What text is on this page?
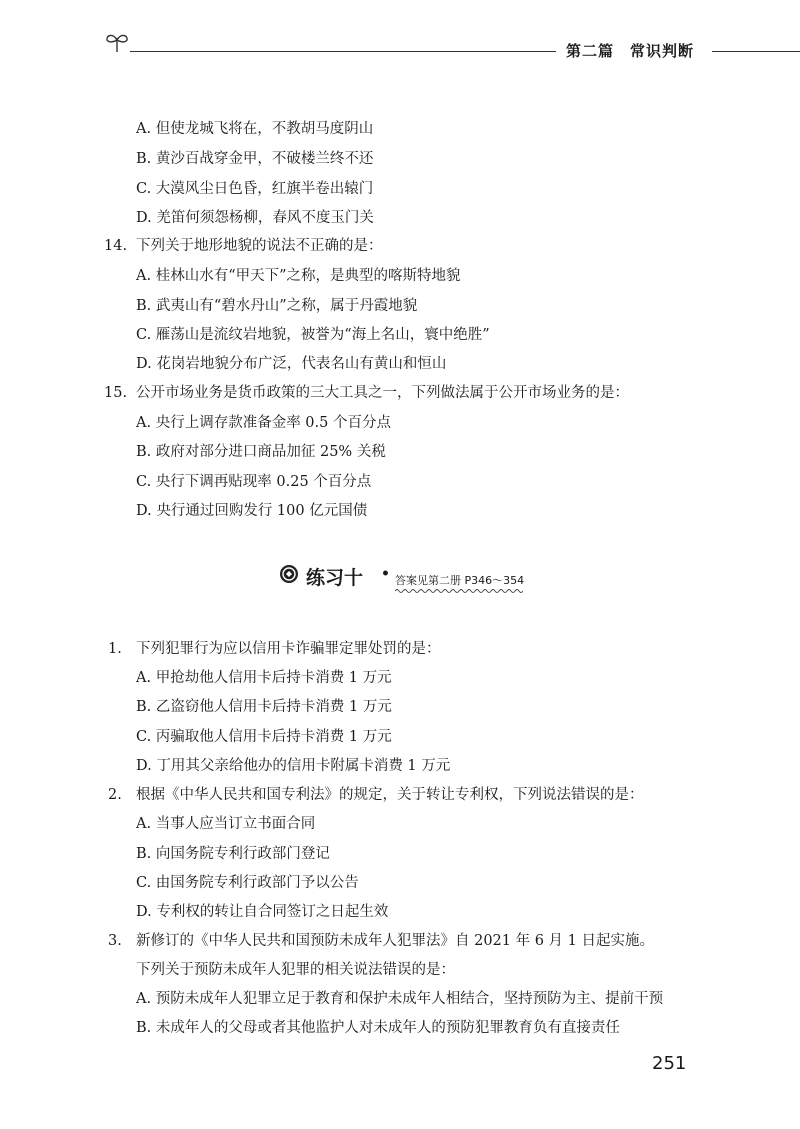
第二篇　常识判断
A. 但使龙城飞将在，不教胡马度阴山
B. 黄沙百战穿金甲，不破楼兰终不还
C. 大漠风尘日色昏，红旗半卷出辕门
D. 羌笛何须怨杨柳，春风不度玉门关
14. 下列关于地形地貌的说法不正确的是：
A. 桂林山水有“甲天下”之称，是典型的喀斯特地貌
B. 武夷山有“碧水丹山”之称，属于丹霞地貌
C. 雁荡山是流纹岩地貌，被誉为“海上名山，寰中绝胜”
D. 花岗岩地貌分布广泛，代表名山有黄山和恒山
15. 公开市场业务是货币政策的三大工具之一，下列做法属于公开市场业务的是：
A. 央行上调存款准备金率 0.5 个百分点
B. 政府对部分进口商品加征 25% 关税
C. 央行下调再贴现率 0.25 个百分点
D. 央行通过回购发行 100 亿元国债
练习十 • 答案见第二册 P346～354
1. 下列犯罪行为应以信用卡诈骗罪定罪处罚的是：
A. 甲抢劫他人信用卡后持卡消费 1 万元
B. 乙盗窃他人信用卡后持卡消费 1 万元
C. 丙骗取他人信用卡后持卡消费 1 万元
D. 丁用其父亲给他办的信用卡附属卡消费 1 万元
2. 根据《中华人民共和国专利法》的规定，关于转让专利权，下列说法错误的是：
A. 当事人应当订立书面合同
B. 向国务院专利行政部门登记
C. 由国务院专利行政部门予以公告
D. 专利权的转让自合同签订之日起生效
3. 新修订的《中华人民共和国预防未成年人犯罪法》自 2021 年 6 月 1 日起实施。
下列关于预防未成年人犯罪的相关说法错误的是：
A. 预防未成年人犯罪立足于教育和保护未成年人相结合，坚持预防为主、提前干预
B. 未成年人的父母或者其他监护人对未成年人的预防犯罪教育负有直接责任
251
